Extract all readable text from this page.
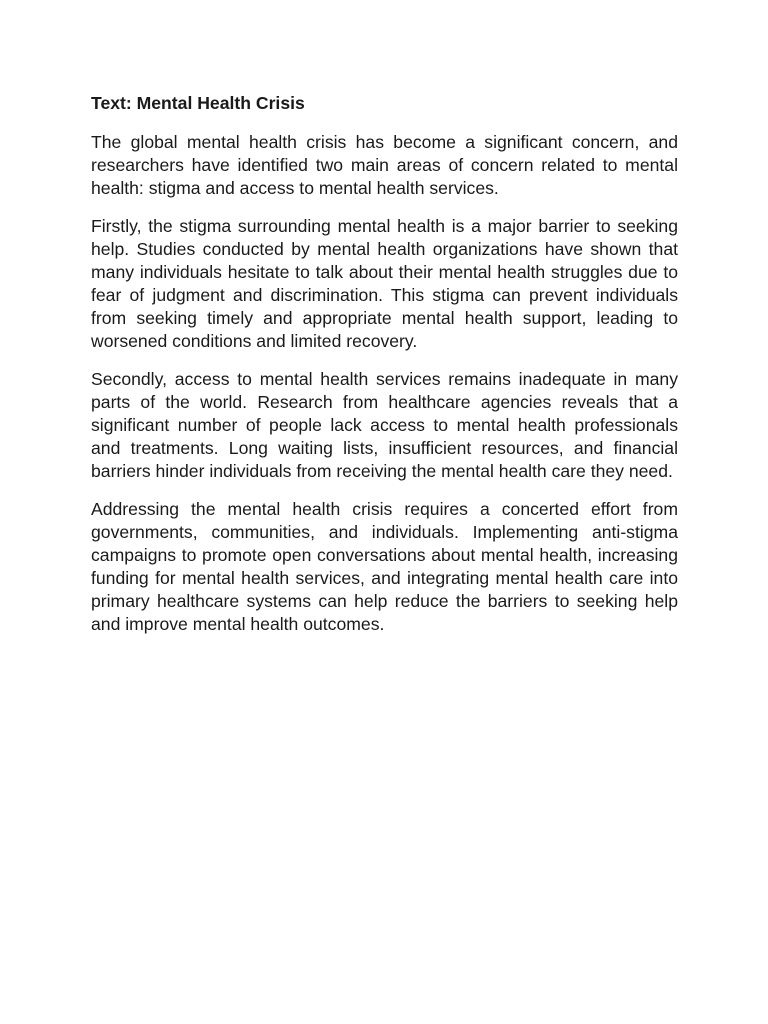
Text: Mental Health Crisis

The global mental health crisis has become a significant concern, and researchers have identified two main areas of concern related to mental health: stigma and access to mental health services.

Firstly, the stigma surrounding mental health is a major barrier to seeking help. Studies conducted by mental health organizations have shown that many individuals hesitate to talk about their mental health struggles due to fear of judgment and discrimination. This stigma can prevent individuals from seeking timely and appropriate mental health support, leading to worsened conditions and limited recovery.

Secondly, access to mental health services remains inadequate in many parts of the world. Research from healthcare agencies reveals that a significant number of people lack access to mental health professionals and treatments. Long waiting lists, insufficient resources, and financial barriers hinder individuals from receiving the mental health care they need.

Addressing the mental health crisis requires a concerted effort from governments, communities, and individuals. Implementing anti-stigma campaigns to promote open conversations about mental health, increasing funding for mental health services, and integrating mental health care into primary healthcare systems can help reduce the barriers to seeking help and improve mental health outcomes.
